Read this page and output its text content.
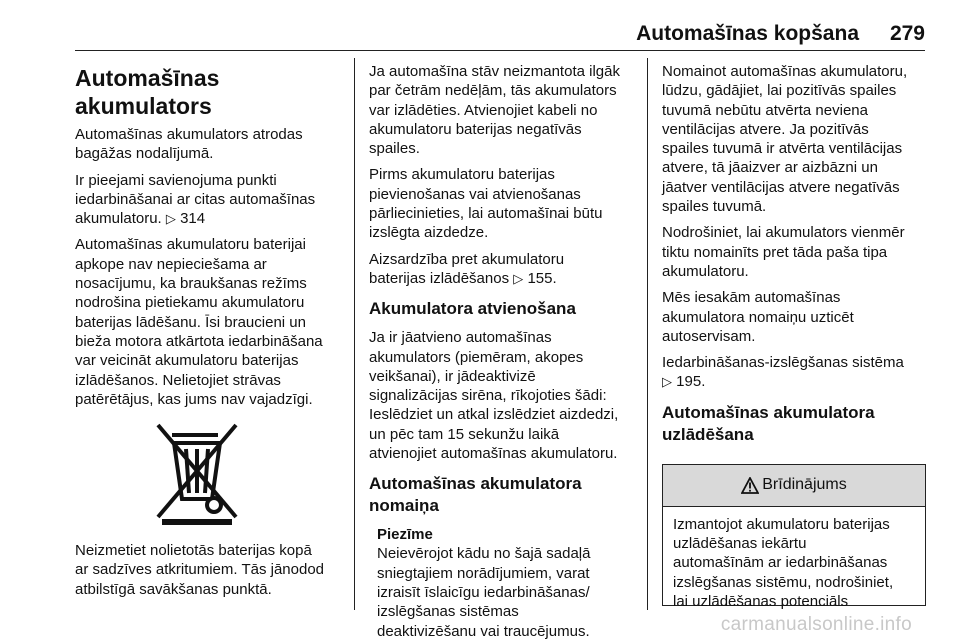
Automašīnas kopšana 279
Automašīnas akumulators

Automašīnas akumulators atrodas
bagāžas nodalījumā.

Ir pieejami savienojuma punkti
iedarbināšanai ar citas automašīnas
akumulatoru. ▷ 314

Automašīnas akumulatoru baterijai
apkope nav nepieciešama ar
nosacījumu, ka braukšanas režīms
nodrošina pietiekamu akumulatoru
baterijas lādēšanu. Īsi braucieni un
bieža motora atkārtota iedarbināšana
var veicināt akumulatoru baterijas
izlādēšanos. Nelietojiet strāvas
patērētājus, kas jums nav vajadzīgi.

Neizmetiet nolietotās baterijas kopā
ar sadzīves atkritumiem. Tās jānodod
atbilstīgā savākšanas punktā.

Ja automašīna stāv neizmantota ilgāk
par četrām nedēļām, tās akumulators
var izlādēties. Atvienojiet kabeli no
akumulatoru baterijas negatīvās
spailes.

Pirms akumulatoru baterijas
pievienošanas vai atvienošanas
pārliecinieties, lai automašīnai būtu
izslēgta aizdedze.

Aizsardzība pret akumulatoru
baterijas izlādēšanos ▷ 155.

Akumulatora atvienošana

Ja ir jāatvieno automašīnas
akumulators (piemēram, akopes
veikšanai), ir jādeaktivizē
signalizācijas sirēna, rīkojoties šādi:
Ieslēdziet un atkal izslēdziet aizdedzi,
un pēc tam 15 sekunžu laikā
atvienojiet automašīnas akumulatoru.

Automašīnas akumulatora
nomaiņa
Piezīme
Neievērojot kādu no šajā sadaļā
sniegtajiem norādījumiem, varat
izraisīt īslaicīgu iedarbināšanas/
izslēgšanas sistēmas
deaktivizēšanu vai traucējumus.

Nomainot automašīnas akumulatoru,
lūdzu, gādājiet, lai pozitīvās spailes
tuvumā nebūtu atvērta neviena
ventilācijas atvere. Ja pozitīvās
spailes tuvumā ir atvērta ventilācijas
atvere, tā jāaizver ar aizbāzni un
jāatver ventilācijas atvere negatīvās
spailes tuvumā.

Nodrošiniet, lai akumulators vienmēr
tiktu nomainīts pret tāda paša tipa
akumulatoru.

Mēs iesakām automašīnas
akumulatora nomaiņu uzticēt
autoservisam.

Iedarbināšanas-izslēgšanas sistēma
▷ 195.

Automašīnas akumulatora
uzlādēšana
Brīdinājums
Izmantojot akumulatoru baterijas
uzlādēšanas iekārtu
automašīnām ar iedarbināšanas
izslēgšanas sistēmu, nodrošiniet,
lai uzlādēšanas potenciāls
carmanualsonline.info
